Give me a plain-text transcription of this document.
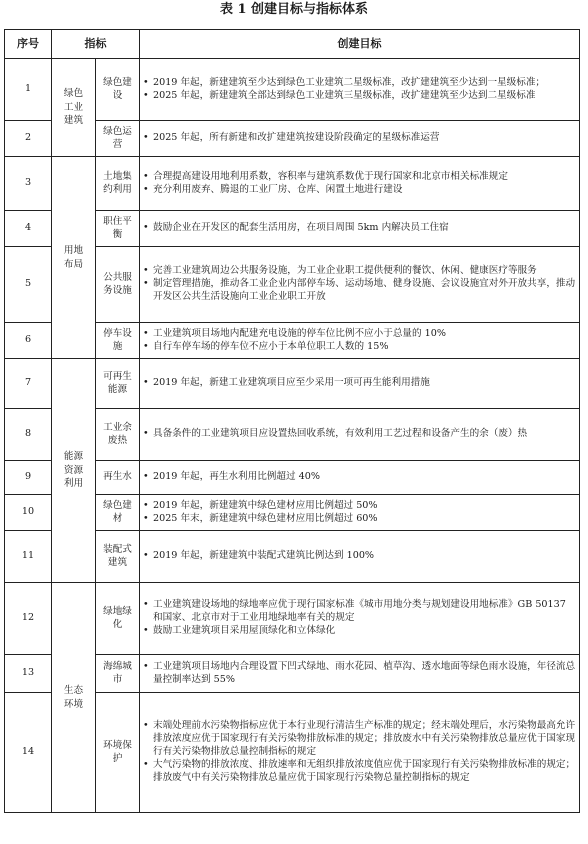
表 1 创建目标与指标体系
序号	指标		创建目标
1	绿色工业建筑	绿色建设	• 2019 年起，新建建筑至少达到绿色工业建筑二星级标准，改扩建建筑至少达到一星级标准；
• 2025 年起，新建建筑全部达到绿色工业建筑三星级标准，改扩建建筑至少达到二星级标准

2		绿色运营	• 2025 年起，所有新建和改扩建建筑按建设阶段确定的星级标准运营

3	用地布局	土地集约利用	• 合理提高建设用地利用系数，容积率与建筑系数优于现行国家和北京市相关标准规定
• 充分利用废弃、腾退的工业厂房、仓库、闲置土地进行建设

4		职住平衡	• 鼓励企业在开发区的配套生活用房，在项目周围 5km 内解决员工住宿

5		公共服务设施	• 完善工业建筑周边公共服务设施，为工业企业职工提供便利的餐饮、休闲、健康医疗等服务
• 制定管理措施，推动各工业企业内部停车场、运动场地、健身设施、会议设施宜对外开放共享，推动开发区公共生活设施向工业企业职工开放

6		停车设施	• 工业建筑项目场地内配建充电设施的停车位比例不应小于总量的 10%
• 自行车停车场的停车位不应小于本单位职工人数的 15%

7	能源资源利用	可再生能源	• 2019 年起，新建工业建筑项目应至少采用一项可再生能利用措施

8		工业余废热	• 具备条件的工业建筑项目应设置热回收系统，有效利用工艺过程和设备产生的余（废）热

9		再生水	• 2019 年起，再生水利用比例超过 40%

10		绿色建材	• 2019 年起，新建建筑中绿色建材应用比例超过 50%
• 2025 年末，新建建筑中绿色建材应用比例超过 60%

11		装配式建筑	• 2019 年起，新建建筑中装配式建筑比例达到 100%

12	生态环境	绿地绿化	• 工业建筑建设场地的绿地率应优于现行国家标准《城市用地分类与规划建设用地标准》GB 50137 和国家、北京市对于工业用地绿地率有关的规定
• 鼓励工业建筑项目采用屋顶绿化和立体绿化

13		海绵城市	• 工业建筑项目场地内合理设置下凹式绿地、雨水花园、植草沟、透水地面等绿色雨水设施，年径流总量控制率达到 55%

14		环境保护	• 末端处理前水污染物指标应优于本行业现行清洁生产标准的规定；经末端处理后，水污染物最高允许排放浓度应优于国家现行有关污染物排放标准的规定；排放废水中有关污染物排放总量应优于国家现行有关污染物排放总量控制指标的规定
• 大气污染物的排放浓度、排放速率和无组织排放浓度值应优于国家现行有关污染物排放标准的规定；排放废气中有关污染物排放总量应优于国家现行污染物总量控制指标的规定
